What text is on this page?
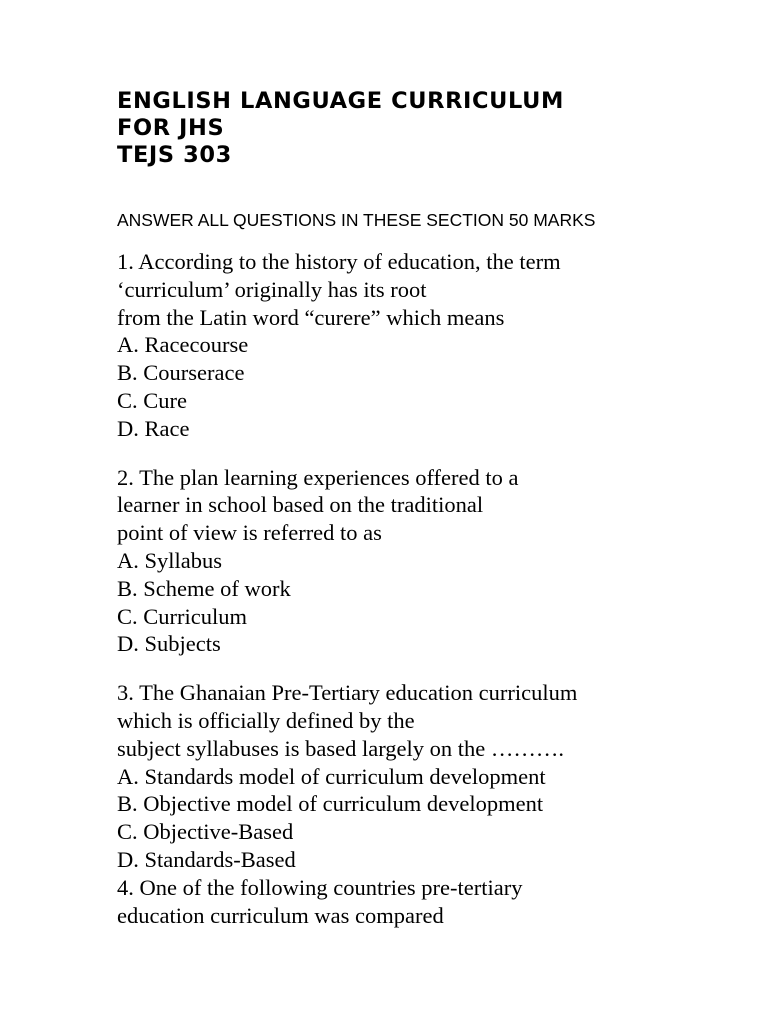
ENGLISH LANGUAGE CURRICULUM
FOR JHS
TEJS 303
ANSWER ALL QUESTIONS IN THESE SECTION 50 MARKS
1. According to the history of education, the term
‘curriculum’ originally has its root
from the Latin word “curere” which means
A. Racecourse
B. Courserace
C. Cure
D. Race
2. The plan learning experiences offered to a
learner in school based on the traditional
point of view is referred to as
A. Syllabus
B. Scheme of work
C. Curriculum
D. Subjects
3. The Ghanaian Pre-Tertiary education curriculum
which is officially defined by the
subject syllabuses is based largely on the ……….
A. Standards model of curriculum development
B. Objective model of curriculum development
C. Objective-Based
D. Standards-Based
4. One of the following countries pre-tertiary
education curriculum was compared
